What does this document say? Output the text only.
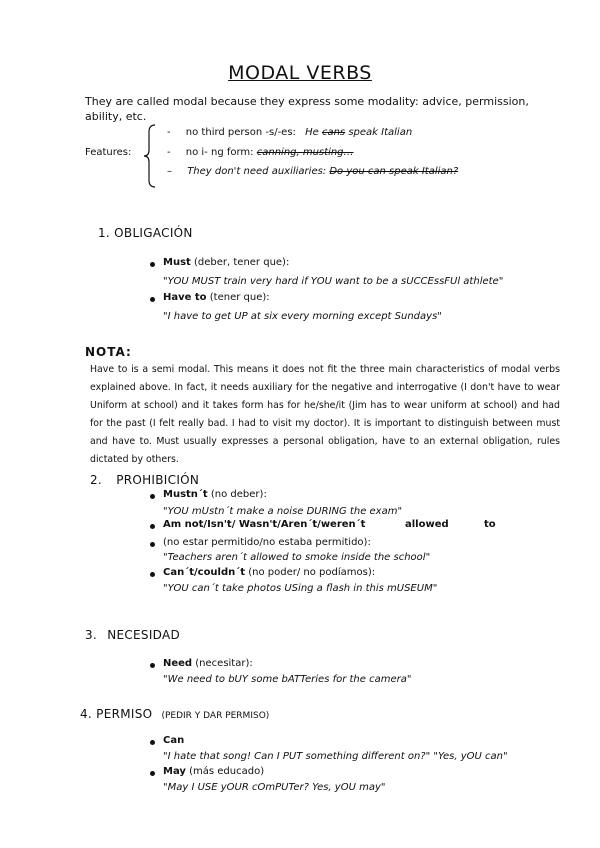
MODAL VERBS
They are called modal because they express some modality: advice, permission,
ability, etc.
Features:
- no third person -s/-es: He cans speak Italian
- no i- ng form: canning, musting…
– They don't need auxiliaries: Do you can speak Italian?
1. OBLIGACIÓN
Must (deber, tener que):
"YOU MUST train very hard if YOU want to be a sUCCEssFUl athlete"
Have to (tener que):
"I have to get UP at six every morning except Sundays"
NOTA:
Have to is a semi modal. This means it does not fit the three main characteristics of modal verbs explained above. In fact, it needs auxiliary for the negative and interrogative (I don't have to wear Uniform at school) and it takes form has for he/she/it (Jim has to wear uniform at school) and had for the past (I felt really bad. I had to visit my doctor). It is important to distinguish between must and have to. Must usually expresses a personal obligation, have to an external obligation, rules dictated by others.
2. PROHIBICIÓN
Mustn´t (no deber):
"YOU mUstn´t make a noise DURING the exam"
Am not/Isn't/ Wasn't/Aren´t/weren´t	allowed	to
(no estar permitido/no estaba permitido):
"Teachers aren´t allowed to smoke inside the school"
Can´t/couldn´t (no poder/ no podíamos):
"YOU can´t take photos USing a flash in this mUSEUM"
3. NECESIDAD
Need (necesitar):
"We need to bUY some bATTeries for the camera"
4. PERMISO (PEDIR Y DAR PERMISO)
Can
"I hate that song! Can I PUT something different on?" "Yes, yOU can"
May (más educado)
"May I USE yOUR cOmPUTer? Yes, yOU may"
